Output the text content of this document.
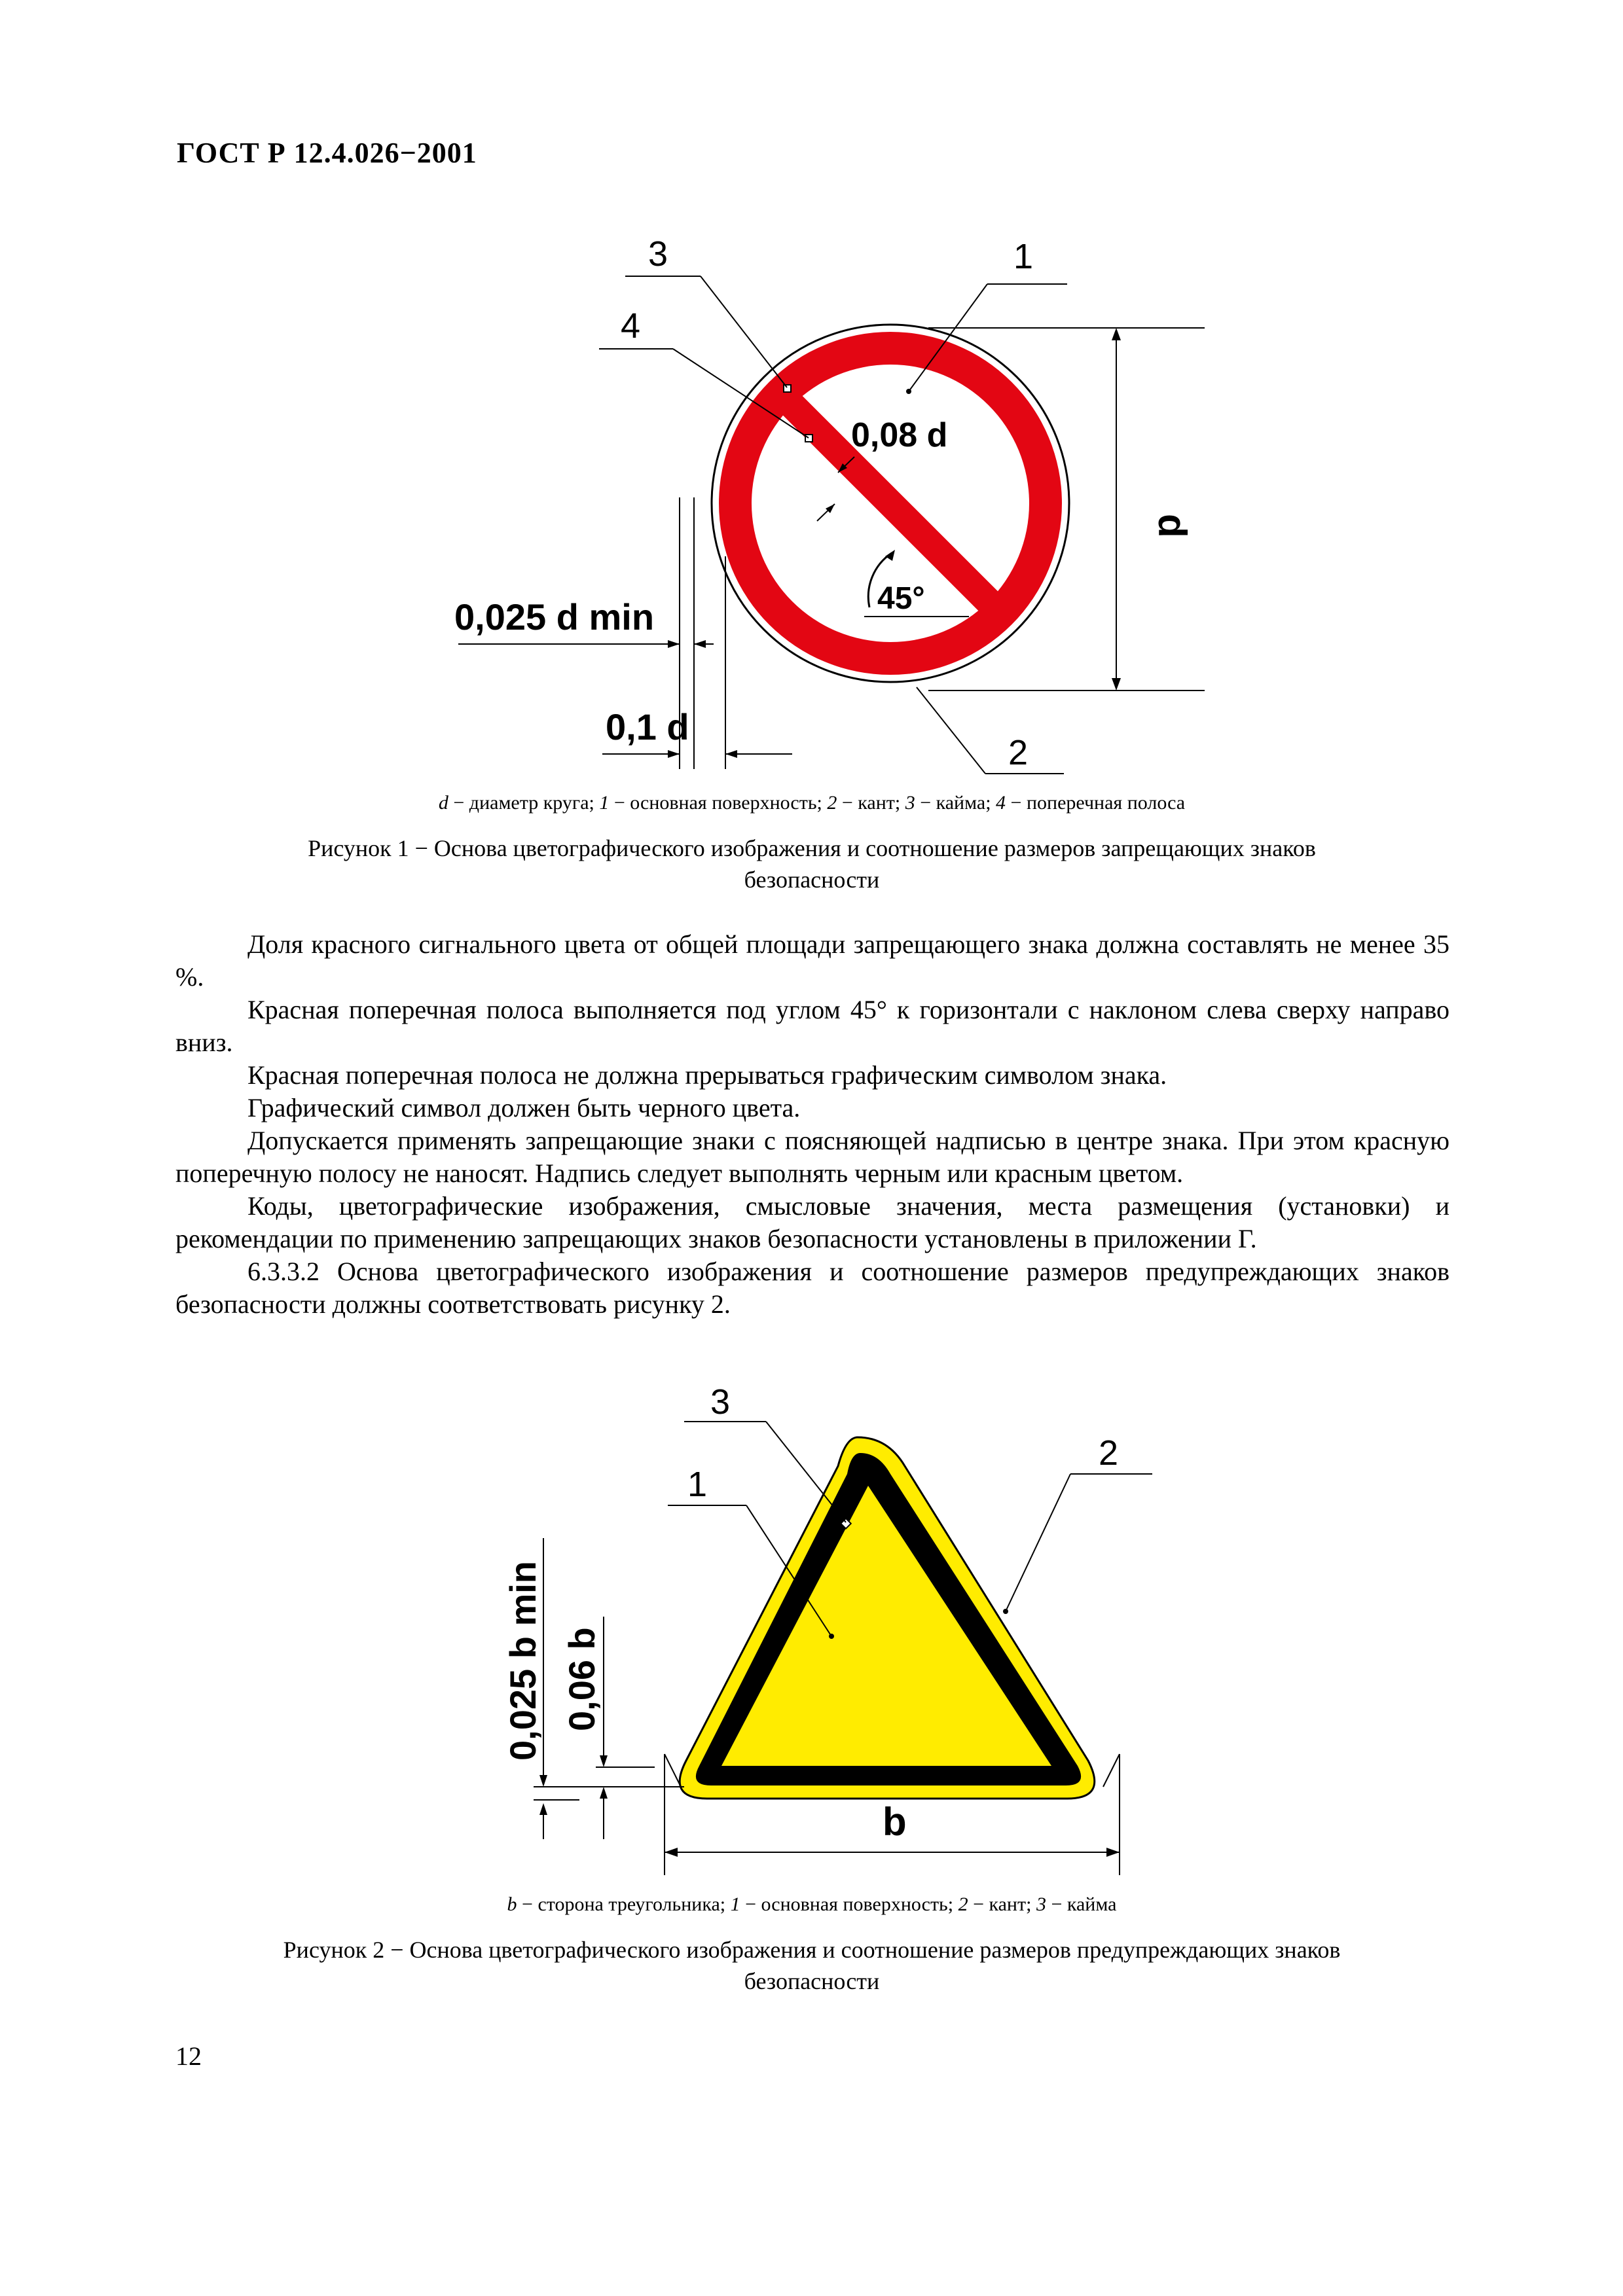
ГОСТ Р 12.4.026−2001
3
4
1
2
0,08 d
45°
d
0,025 d min
0,1 d
d − диаметр круга; 1 − основная поверхность; 2 − кант; 3 − кайма; 4 − поперечная полоса
Рисунок 1 − Основа цветографического изображения и соотношение размеров запрещающих знаков
безопасности

Доля красного сигнального цвета от общей площади запрещающего знака должна составлять не менее 35 %.

Красная поперечная полоса выполняется под углом 45° к горизонтали с наклоном слева сверху направо вниз.

Красная поперечная полоса не должна прерываться графическим символом знака.

Графический символ должен быть черного цвета.

Допускается применять запрещающие знаки с поясняющей надписью в центре знака. При этом красную поперечную полосу не наносят. Надпись следует выполнять черным или красным цветом.

Коды, цветографические изображения, смысловые значения, места размещения (установки) и рекомендации по применению запрещающих знаков безопасности установлены в приложении Г.

6.3.3.2 Основа цветографического изображения и соотношение размеров предупреждающих знаков безопасности должны соответствовать рисунку 2.

3
1
2
b
0,025 b min 0,06 b
b − сторона треугольника; 1 − основная поверхность; 2 − кант; 3 − кайма
Рисунок 2 − Основа цветографического изображения и соотношение размеров предупреждающих знаков
безопасности
12
